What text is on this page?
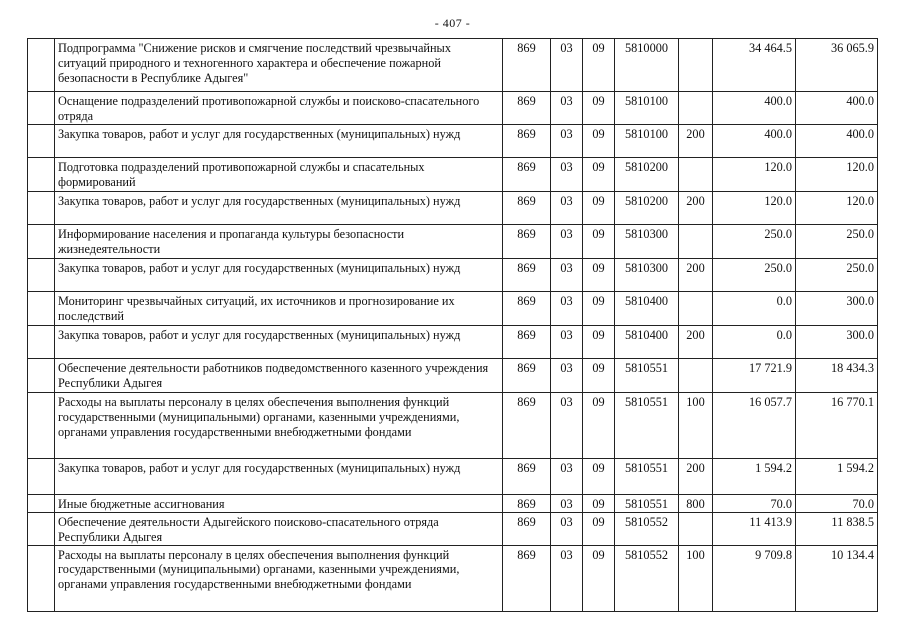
- 407 -
	Подпрограмма "Снижение рисков и смягчение последствий чрезвычайных ситуаций природного и техногенного характера и обеспечение пожарной безопасности в Республике Адыгея"	869	03	09	5810000		34 464.5	36 065.9
	Оснащение подразделений противопожарной службы и поисково-спасательного отряда	869	03	09	5810100		400.0	400.0
	Закупка товаров, работ и услуг для государственных (муниципальных) нужд	869	03	09	5810100	200	400.0	400.0
	Подготовка подразделений противопожарной службы и спасательных формирований	869	03	09	5810200		120.0	120.0
	Закупка товаров, работ и услуг для государственных (муниципальных) нужд	869	03	09	5810200	200	120.0	120.0
	Информирование населения и пропаганда культуры безопасности жизнедеятельности	869	03	09	5810300		250.0	250.0
	Закупка товаров, работ и услуг для государственных (муниципальных) нужд	869	03	09	5810300	200	250.0	250.0
	Мониторинг чрезвычайных ситуаций, их источников и прогнозирование их последствий	869	03	09	5810400		0.0	300.0
	Закупка товаров, работ и услуг для государственных (муниципальных) нужд	869	03	09	5810400	200	0.0	300.0
	Обеспечение деятельности работников подведомственного казенного учреждения Республики Адыгея	869	03	09	5810551		17 721.9	18 434.3
	Расходы на выплаты персоналу в целях обеспечения выполнения функций государственными (муниципальными) органами, казенными учреждениями, органами управления государственными внебюджетными фондами	869	03	09	5810551	100	16 057.7	16 770.1
	Закупка товаров, работ и услуг для государственных (муниципальных) нужд	869	03	09	5810551	200	1 594.2	1 594.2
	Иные бюджетные ассигнования	869	03	09	5810551	800	70.0	70.0
	Обеспечение деятельности Адыгейского поисково-спасательного отряда Республики Адыгея	869	03	09	5810552		11 413.9	11 838.5
	Расходы на выплаты персоналу в целях обеспечения выполнения функций государственными (муниципальными) органами, казенными учреждениями, органами управления государственными внебюджетными фондами	869	03	09	5810552	100	9 709.8	10 134.4
